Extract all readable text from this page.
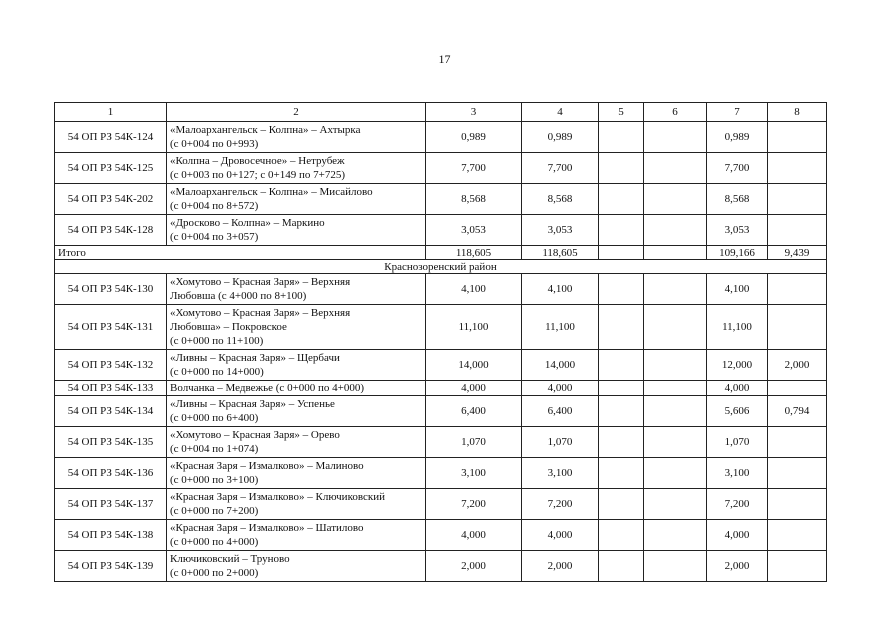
17
1	2	3	4	5	6	7	8
54 ОП РЗ 54К-124	«Малоархангельск – Колпна» – Ахтырка
(с 0+004 по 0+993)	0,989	0,989			0,989	
54 ОП РЗ 54К-125	«Колпна – Дровосечное» – Нетрубеж
(с 0+003 по 0+127; с 0+149 по 7+725)	7,700	7,700			7,700	
54 ОП РЗ 54К-202	«Малоархангельск – Колпна» – Мисайлово
(с 0+004 по 8+572)	8,568	8,568			8,568	
54 ОП РЗ 54К-128	«Дросково – Колпна» – Маркино
(с 0+004 по 3+057)	3,053	3,053			3,053	
Итого		118,605	118,605			109,166	9,439
Краснозоренский район							
54 ОП РЗ 54К-130	«Хомутово – Красная Заря» – Верхняя
Любовша (с 4+000 по 8+100)	4,100	4,100			4,100	
54 ОП РЗ 54К-131	«Хомутово – Красная Заря» – Верхняя
Любовша» – Покровское
(с 0+000 по 11+100)	11,100	11,100			11,100	
54 ОП РЗ 54К-132	«Ливны – Красная Заря» – Щербачи
(с 0+000 по 14+000)	14,000	14,000			12,000	2,000
54 ОП РЗ 54К-133	Волчанка – Медвежье (с 0+000 по 4+000)	4,000	4,000			4,000	
54 ОП РЗ 54К-134	«Ливны – Красная Заря» – Успенье
(с 0+000 по 6+400)	6,400	6,400			5,606	0,794
54 ОП РЗ 54К-135	«Хомутово – Красная Заря» – Орево
(с 0+004 по 1+074)	1,070	1,070			1,070	
54 ОП РЗ 54К-136	«Красная Заря – Измалково» – Малиново
(с 0+000 по 3+100)	3,100	3,100			3,100	
54 ОП РЗ 54К-137	«Красная Заря – Измалково» – Ключиковский
(с 0+000 по 7+200)	7,200	7,200			7,200	
54 ОП РЗ 54К-138	«Красная Заря – Измалково» – Шатилово
(с 0+000 по 4+000)	4,000	4,000			4,000	
54 ОП РЗ 54К-139	Ключиковский – Труново
(с 0+000 по 2+000)	2,000	2,000			2,000	
